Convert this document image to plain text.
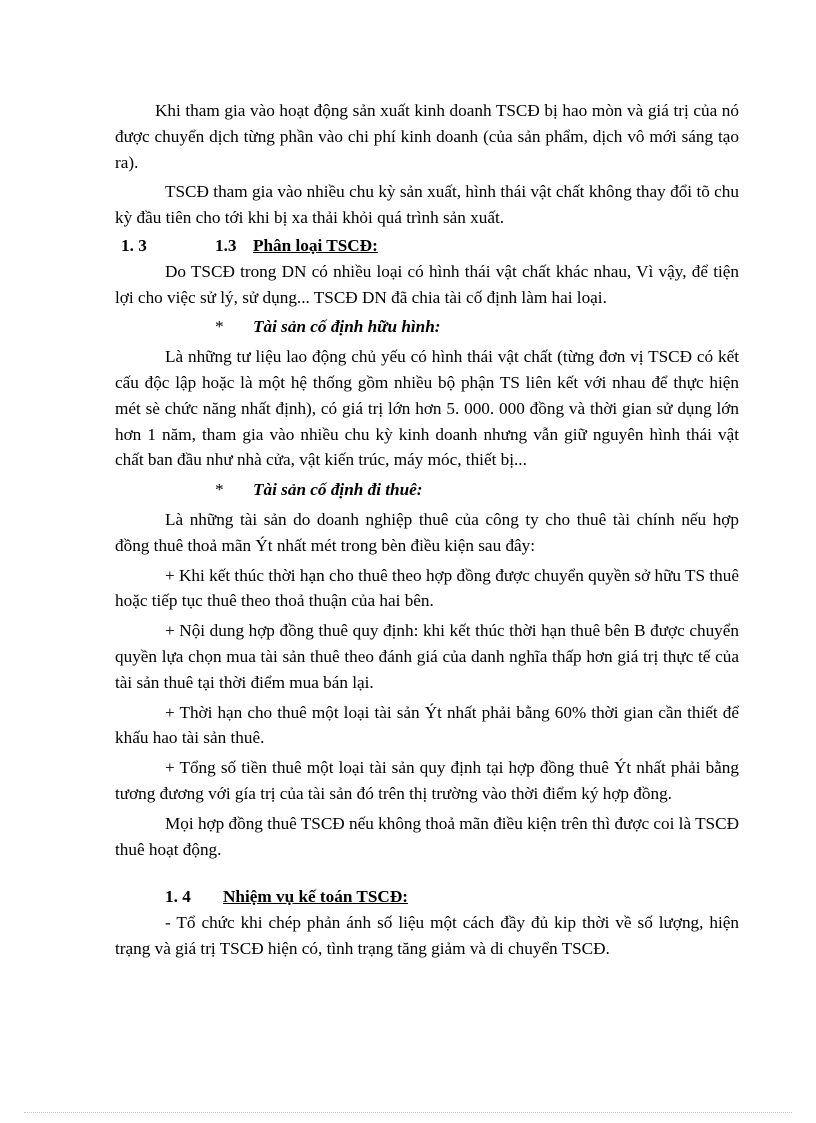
Khi tham gia vào hoạt động sản xuất kinh doanh TSCĐ bị hao mòn và giá trị của nó được chuyển dịch từng phần vào chi phí kinh doanh (của sản phẩm, dịch vô mới sáng tạo ra).

TSCĐ tham gia vào nhiều chu kỳ sản xuất, hình thái vật chất không thay đổi tõ chu kỳ đầu tiên cho tới khi bị xa thải khỏi quá trình sản xuất.

1. 3	1.3 Phân loại TSCĐ:

Do TSCĐ trong DN có nhiều loại có hình thái vật chất khác nhau, Vì vậy, để tiện lợi cho việc sử lý, sử dụng... TSCĐ DN đã chia tài cố định làm hai loại.

*	Tài sản cố định hữu hình:

Là những tư liệu lao động chủ yếu có hình thái vật chất (từng đơn vị TSCĐ có kết cấu độc lập hoặc là một hệ thống gồm nhiều bộ phận TS liên kết với nhau để thực hiện mét sè chức năng nhất định), có giá trị lớn hơn 5. 000. 000 đồng và thời gian sử dụng lớn hơn 1 năm, tham gia vào nhiều chu kỳ kinh doanh nhưng vẫn giữ nguyên hình thái vật chất ban đầu như nhà cửa, vật kiến trúc, máy móc, thiết bị...

*	Tài sản cố định đi thuê:

Là những tài sản do doanh nghiệp thuê của công ty cho thuê tài chính nếu hợp đồng thuê thoả mãn Ýt nhất mét trong bèn điều kiện sau đây:

+ Khi kết thúc thời hạn cho thuê theo hợp đồng được chuyển quyền sở hữu TS thuê hoặc tiếp tục thuê theo thoả thuận của hai bên.

+ Nội dung hợp đồng thuê quy định: khi kết thúc thời hạn thuê bên B được chuyển quyền lựa chọn mua tài sản thuê theo đánh giá của danh nghĩa thấp hơn giá trị thực tế của tài sản thuê tại thời điểm mua bán lại.

+ Thời hạn cho thuê một loại tài sản Ýt nhất phải bằng 60% thời gian cần thiết để khấu hao tài sản thuê.

+ Tổng số tiền thuê một loại tài sản quy định tại hợp đồng thuê Ýt nhất phải bằng tương đương với gía trị của tài sản đó trên thị trường vào thời điểm ký hợp đồng.

Mọi hợp đồng thuê TSCĐ nếu không thoả mãn điều kiện trên thì được coi là TSCĐ thuê hoạt động.

1. 4	Nhiệm vụ kế toán TSCĐ:

- Tổ chức khi chép phản ánh số liệu một cách đầy đủ kip thời về số lượng, hiện trạng và giá trị TSCĐ hiện có, tình trạng tăng giảm và di chuyển TSCĐ.
